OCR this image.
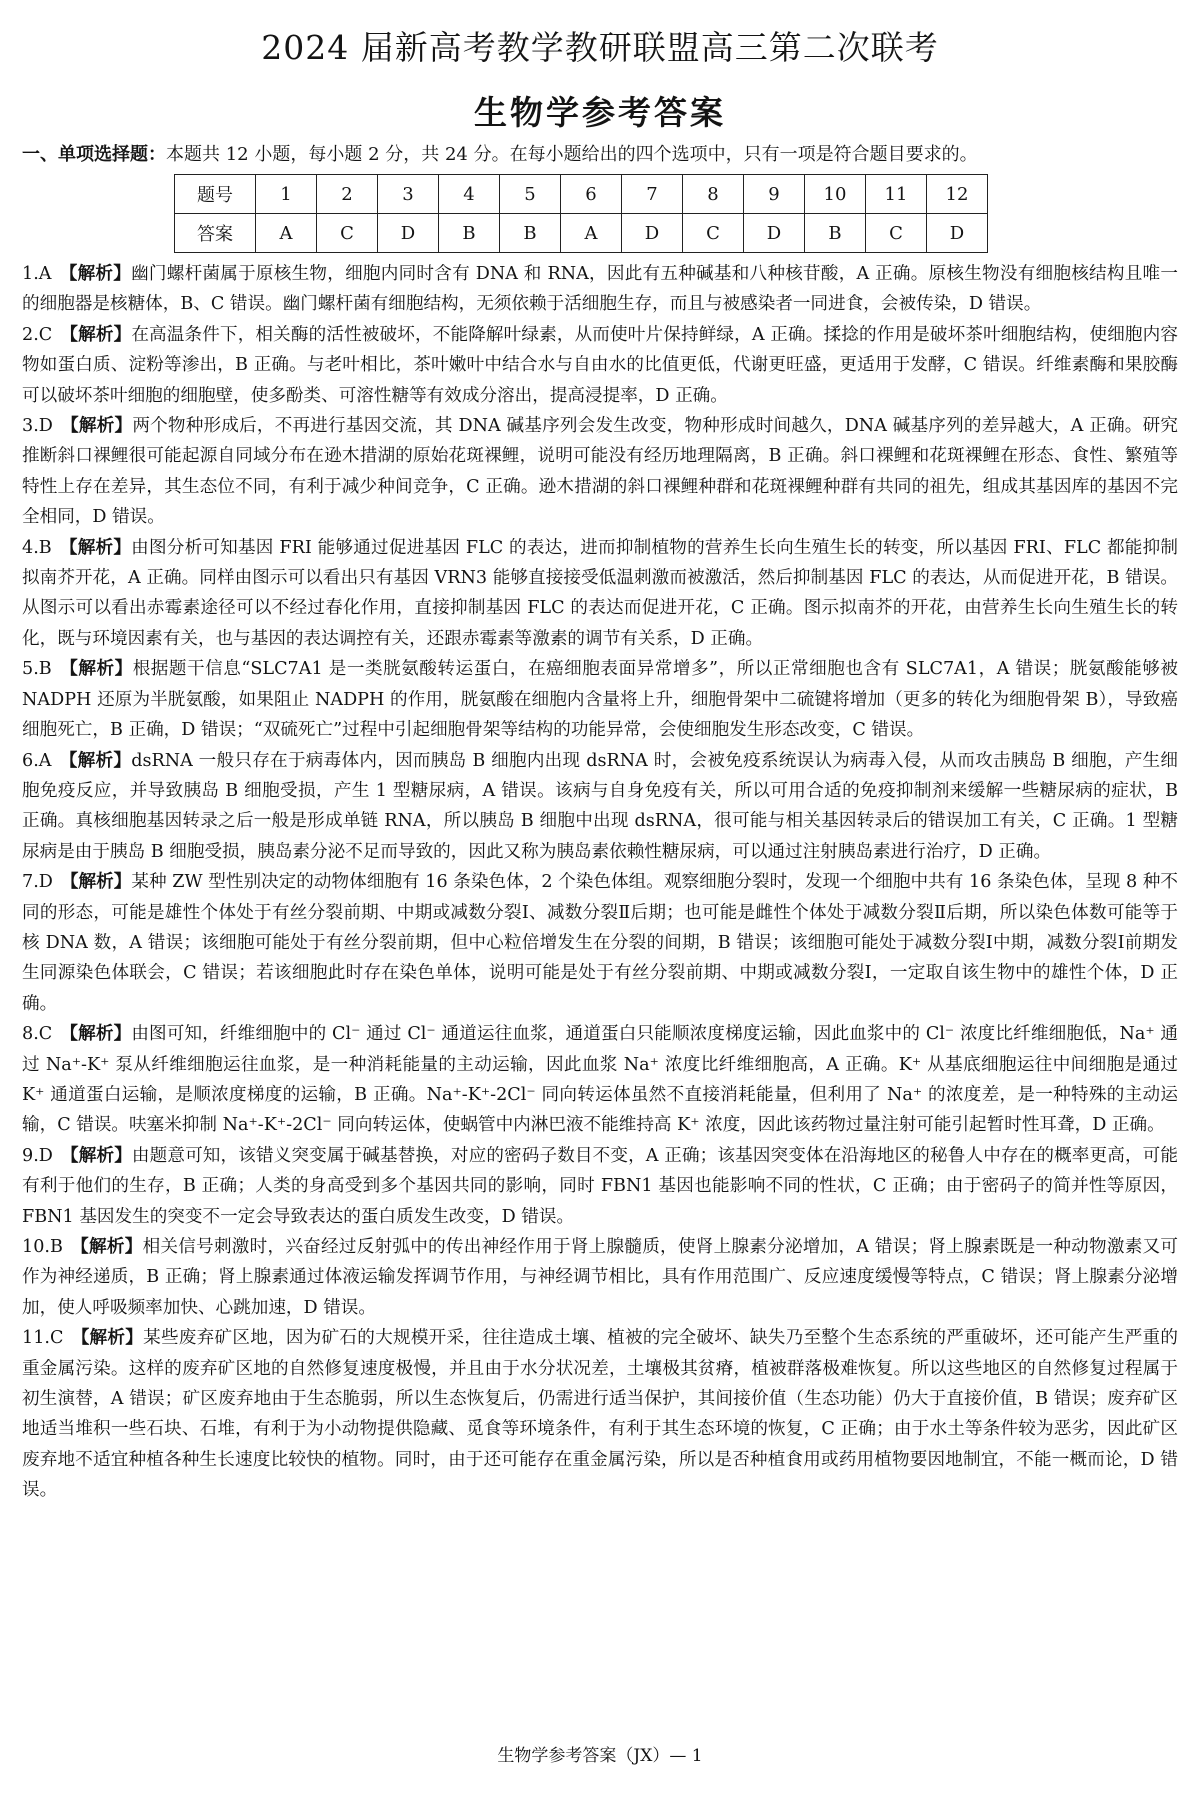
2024 届新高考教学教研联盟高三第二次联考
生物学参考答案

一、单项选择题：本题共 12 小题，每小题 2 分，共 24 分。在每小题给出的四个选项中，只有一项是符合题目要求的。

题号	1	2	3	4	5	6	7	8	9	10	11	12
答案	A	C	D	B	B	A	D	C	D	B	C	D

1.A 【解析】幽门螺杆菌属于原核生物，细胞内同时含有 DNA 和 RNA，因此有五种碱基和八种核苷酸，A 正确。原核生物没有细胞核结构且唯一的细胞器是核糖体，B、C 错误。幽门螺杆菌有细胞结构，无须依赖于活细胞生存，而且与被感染者一同进食，会被传染，D 错误。

2.C 【解析】在高温条件下，相关酶的活性被破坏，不能降解叶绿素，从而使叶片保持鲜绿，A 正确。揉捻的作用是破坏茶叶细胞结构，使细胞内容物如蛋白质、淀粉等渗出，B 正确。与老叶相比，茶叶嫩叶中结合水与自由水的比值更低，代谢更旺盛，更适用于发酵，C 错误。纤维素酶和果胶酶可以破坏茶叶细胞的细胞壁，使多酚类、可溶性糖等有效成分溶出，提高浸提率，D 正确。

3.D 【解析】两个物种形成后，不再进行基因交流，其 DNA 碱基序列会发生改变，物种形成时间越久，DNA 碱基序列的差异越大，A 正确。研究推断斜口裸鲤很可能起源自同域分布在逊木措湖的原始花斑裸鲤，说明可能没有经历地理隔离，B 正确。斜口裸鲤和花斑裸鲤在形态、食性、繁殖等特性上存在差异，其生态位不同，有利于减少种间竞争，C 正确。逊木措湖的斜口裸鲤种群和花斑裸鲤种群有共同的祖先，组成其基因库的基因不完全相同，D 错误。

4.B 【解析】由图分析可知基因 FRI 能够通过促进基因 FLC 的表达，进而抑制植物的营养生长向生殖生长的转变，所以基因 FRI、FLC 都能抑制拟南芥开花，A 正确。同样由图示可以看出只有基因 VRN3 能够直接接受低温刺激而被激活，然后抑制基因 FLC 的表达，从而促进开花，B 错误。从图示可以看出赤霉素途径可以不经过春化作用，直接抑制基因 FLC 的表达而促进开花，C 正确。图示拟南芥的开花，由营养生长向生殖生长的转化，既与环境因素有关，也与基因的表达调控有关，还跟赤霉素等激素的调节有关系，D 正确。

5.B 【解析】根据题干信息“SLC7A1 是一类胱氨酸转运蛋白，在癌细胞表面异常增多”，所以正常细胞也含有 SLC7A1，A 错误；胱氨酸能够被 NADPH 还原为半胱氨酸，如果阻止 NADPH 的作用，胱氨酸在细胞内含量将上升，细胞骨架中二硫键将增加（更多的转化为细胞骨架 B），导致癌细胞死亡，B 正确，D 错误；“双硫死亡”过程中引起细胞骨架等结构的功能异常，会使细胞发生形态改变，C 错误。

6.A 【解析】dsRNA 一般只存在于病毒体内，因而胰岛 B 细胞内出现 dsRNA 时，会被免疫系统误认为病毒入侵，从而攻击胰岛 B 细胞，产生细胞免疫反应，并导致胰岛 B 细胞受损，产生 1 型糖尿病，A 错误。该病与自身免疫有关，所以可用合适的免疫抑制剂来缓解一些糖尿病的症状，B 正确。真核细胞基因转录之后一般是形成单链 RNA，所以胰岛 B 细胞中出现 dsRNA，很可能与相关基因转录后的错误加工有关，C 正确。1 型糖尿病是由于胰岛 B 细胞受损，胰岛素分泌不足而导致的，因此又称为胰岛素依赖性糖尿病，可以通过注射胰岛素进行治疗，D 正确。

7.D 【解析】某种 ZW 型性别决定的动物体细胞有 16 条染色体，2 个染色体组。观察细胞分裂时，发现一个细胞中共有 16 条染色体，呈现 8 种不同的形态，可能是雄性个体处于有丝分裂前期、中期或减数分裂Ⅰ、减数分裂Ⅱ后期；也可能是雌性个体处于减数分裂Ⅱ后期，所以染色体数可能等于核 DNA 数，A 错误；该细胞可能处于有丝分裂前期，但中心粒倍增发生在分裂的间期，B 错误；该细胞可能处于减数分裂Ⅰ中期，减数分裂Ⅰ前期发生同源染色体联会，C 错误；若该细胞此时存在染色单体，说明可能是处于有丝分裂前期、中期或减数分裂Ⅰ，一定取自该生物中的雄性个体，D 正确。

8.C 【解析】由图可知，纤维细胞中的 Cl⁻ 通过 Cl⁻ 通道运往血浆，通道蛋白只能顺浓度梯度运输，因此血浆中的 Cl⁻ 浓度比纤维细胞低，Na⁺ 通过 Na⁺-K⁺ 泵从纤维细胞运往血浆，是一种消耗能量的主动运输，因此血浆 Na⁺ 浓度比纤维细胞高，A 正确。K⁺ 从基底细胞运往中间细胞是通过 K⁺ 通道蛋白运输，是顺浓度梯度的运输，B 正确。Na⁺-K⁺-2Cl⁻ 同向转运体虽然不直接消耗能量，但利用了 Na⁺ 的浓度差，是一种特殊的主动运输，C 错误。呋塞米抑制 Na⁺-K⁺-2Cl⁻ 同向转运体，使蜗管中内淋巴液不能维持高 K⁺ 浓度，因此该药物过量注射可能引起暂时性耳聋，D 正确。

9.D 【解析】由题意可知，该错义突变属于碱基替换，对应的密码子数目不变，A 正确；该基因突变体在沿海地区的秘鲁人中存在的概率更高，可能有利于他们的生存，B 正确；人类的身高受到多个基因共同的影响，同时 FBN1 基因也能影响不同的性状，C 正确；由于密码子的简并性等原因，FBN1 基因发生的突变不一定会导致表达的蛋白质发生改变，D 错误。

10.B 【解析】相关信号刺激时，兴奋经过反射弧中的传出神经作用于肾上腺髓质，使肾上腺素分泌增加，A 错误；肾上腺素既是一种动物激素又可作为神经递质，B 正确；肾上腺素通过体液运输发挥调节作用，与神经调节相比，具有作用范围广、反应速度缓慢等特点，C 错误；肾上腺素分泌增加，使人呼吸频率加快、心跳加速，D 错误。

11.C 【解析】某些废弃矿区地，因为矿石的大规模开采，往往造成土壤、植被的完全破坏、缺失乃至整个生态系统的严重破坏，还可能产生严重的重金属污染。这样的废弃矿区地的自然修复速度极慢，并且由于水分状况差，土壤极其贫瘠，植被群落极难恢复。所以这些地区的自然修复过程属于初生演替，A 错误；矿区废弃地由于生态脆弱，所以生态恢复后，仍需进行适当保护，其间接价值（生态功能）仍大于直接价值，B 错误；废弃矿区地适当堆积一些石块、石堆，有利于为小动物提供隐藏、觅食等环境条件，有利于其生态环境的恢复，C 正确；由于水土等条件较为恶劣，因此矿区废弃地不适宜种植各种生长速度比较快的植物。同时，由于还可能存在重金属污染，所以是否种植食用或药用植物要因地制宜，不能一概而论，D 错误。

生物学参考答案（JX）— 1
